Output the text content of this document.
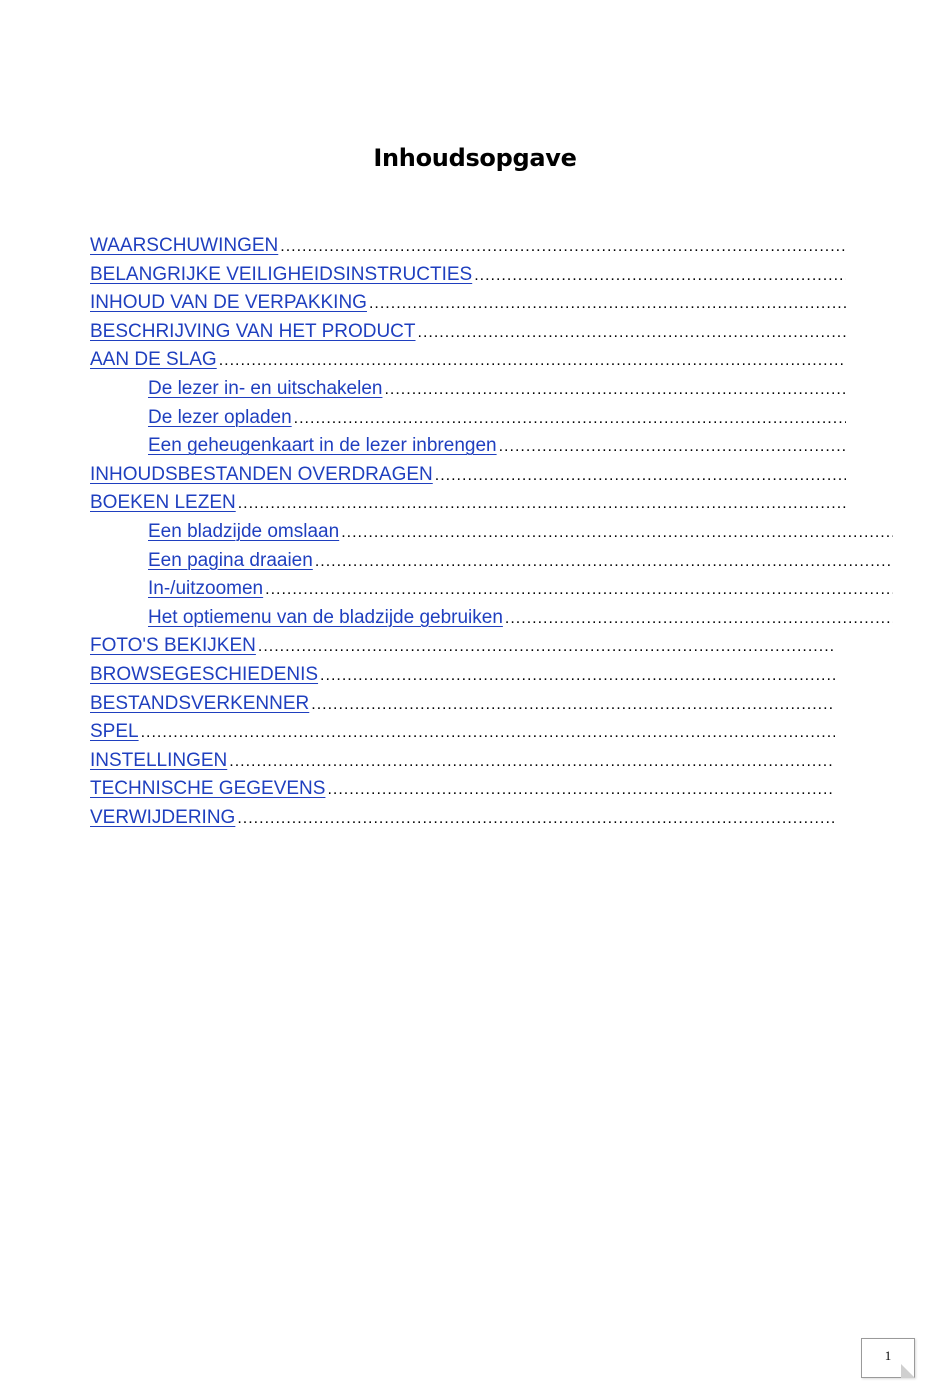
Inhoudsopgave
WAARSCHUWINGEN
.....
BELANGRIJKE VEILIGHEIDSINSTRUCTIES
.....
INHOUD VAN DE VERPAKKING
.....
BESCHRIJVING VAN HET PRODUCT
.....
AAN DE SLAG
.....
De lezer in- en uitschakelen
.....
De lezer opladen
.....
Een geheugenkaart in de lezer inbrengen
.....
INHOUDSBESTANDEN OVERDRAGEN
.....
BOEKEN LEZEN
.....
Een bladzijde omslaan
.....
Een pagina draaien
.....
In-/uitzoomen
.....
Het optiemenu van de bladzijde gebruiken
.....
FOTO'S BEKIJKEN
.....
BROWSEGESCHIEDENIS
.....
BESTANDSVERKENNER
.....
SPEL
.....
INSTELLINGEN
.....
TECHNISCHE GEGEVENS
.....
VERWIJDERING
.....
1
